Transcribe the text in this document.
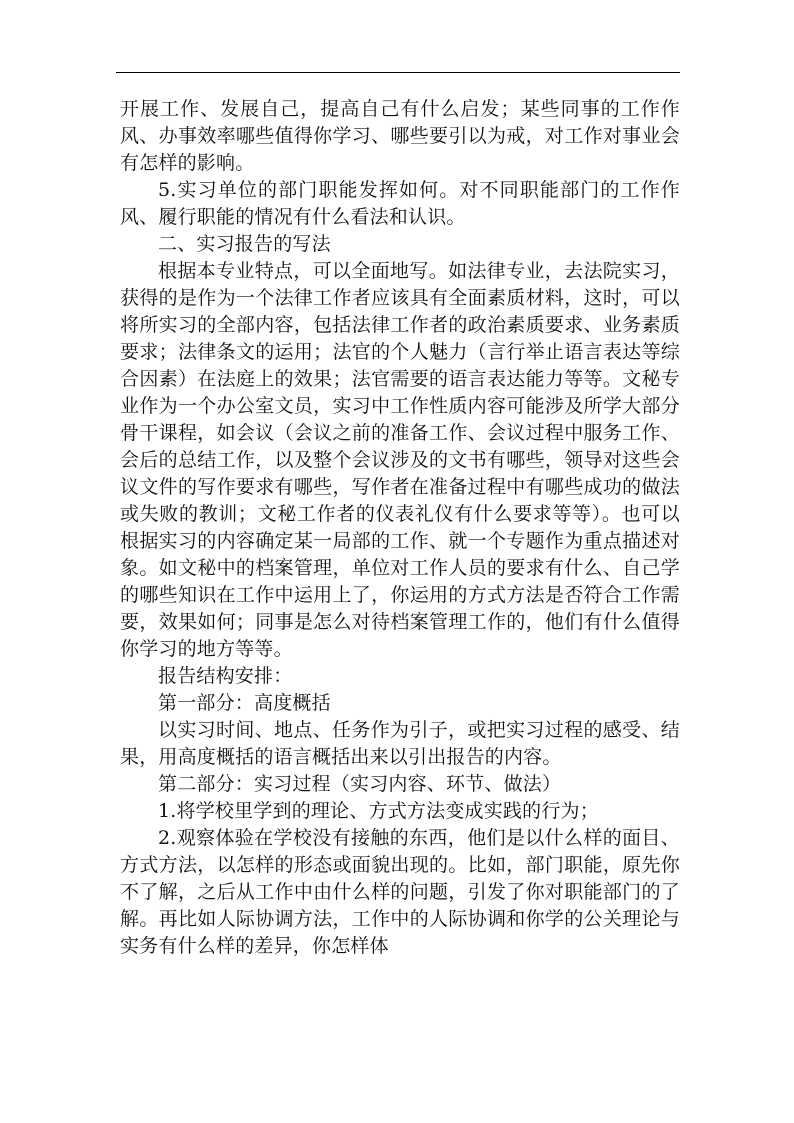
开展工作、发展自己，提高自己有什么启发；某些同事的工作作风、办事效率哪些值得你学习、哪些要引以为戒，对工作对事业会有怎样的影响。

5.实习单位的部门职能发挥如何。对不同职能部门的工作作风、履行职能的情况有什么看法和认识。

二、实习报告的写法

根据本专业特点，可以全面地写。如法律专业，去法院实习，获得的是作为一个法律工作者应该具有全面素质材料，这时，可以将所实习的全部内容，包括法律工作者的政治素质要求、业务素质要求；法律条文的运用；法官的个人魅力（言行举止语言表达等综合因素）在法庭上的效果；法官需要的语言表达能力等等。文秘专业作为一个办公室文员，实习中工作性质内容可能涉及所学大部分骨干课程，如会议（会议之前的准备工作、会议过程中服务工作、会后的总结工作，以及整个会议涉及的文书有哪些，领导对这些会议文件的写作要求有哪些，写作者在准备过程中有哪些成功的做法或失败的教训；文秘工作者的仪表礼仪有什么要求等等）。也可以根据实习的内容确定某一局部的工作、就一个专题作为重点描述对象。如文秘中的档案管理，单位对工作人员的要求有什么、自己学的哪些知识在工作中运用上了，你运用的方式方法是否符合工作需要，效果如何；同事是怎么对待档案管理工作的，他们有什么值得你学习的地方等等。

报告结构安排：

第一部分：高度概括

以实习时间、地点、任务作为引子，或把实习过程的感受、结果，用高度概括的语言概括出来以引出报告的内容。

第二部分：实习过程（实习内容、环节、做法）

1.将学校里学到的理论、方式方法变成实践的行为；

2.观察体验在学校没有接触的东西，他们是以什么样的面目、方式方法，以怎样的形态或面貌出现的。比如，部门职能，原先你不了解，之后从工作中由什么样的问题，引发了你对职能部门的了解。再比如人际协调方法，工作中的人际协调和你学的公关理论与实务有什么样的差异，你怎样体
